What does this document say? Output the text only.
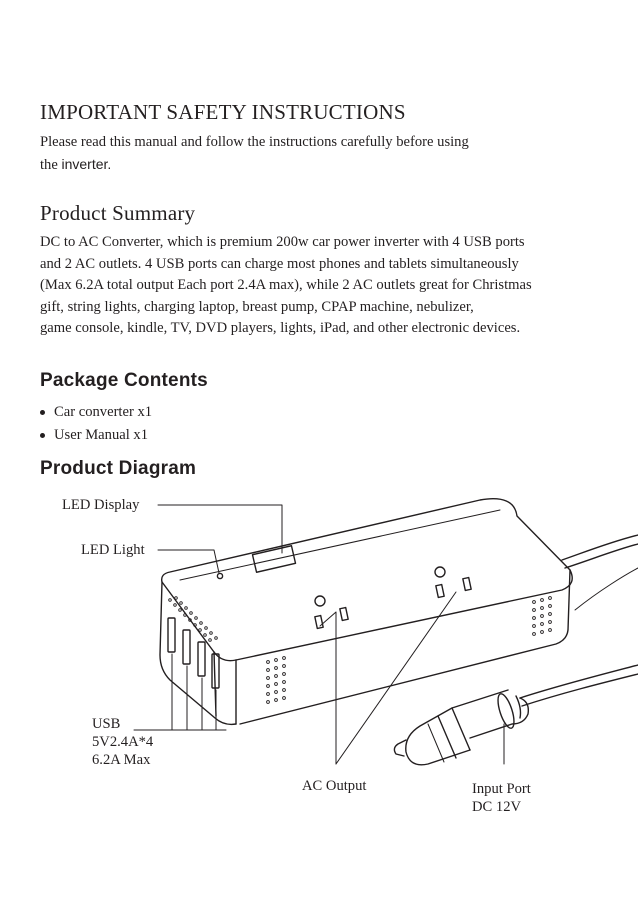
IMPORTANT SAFETY INSTRUCTIONS

Please read this manual and follow the instructions carefully before using
the inverter.

Product Summary

DC to AC Converter, which is premium 200w car power inverter with 4 USB ports
and 2 AC outlets. 4 USB ports can charge most phones and tablets simultaneously
(Max 6.2A total output Each port 2.4A max), while 2 AC outlets great for Christmas
gift, string lights, charging laptop, breast pump, CPAP machine, nebulizer,
game console, kindle, TV, DVD players, lights, iPad, and other electronic devices.

Package Contents
Car converter x1
User Manual x1
Product Diagram
LED Display
LED Light
USB
5V2.4A*4
6.2A Max
AC Output	Input Port
DC 12V
